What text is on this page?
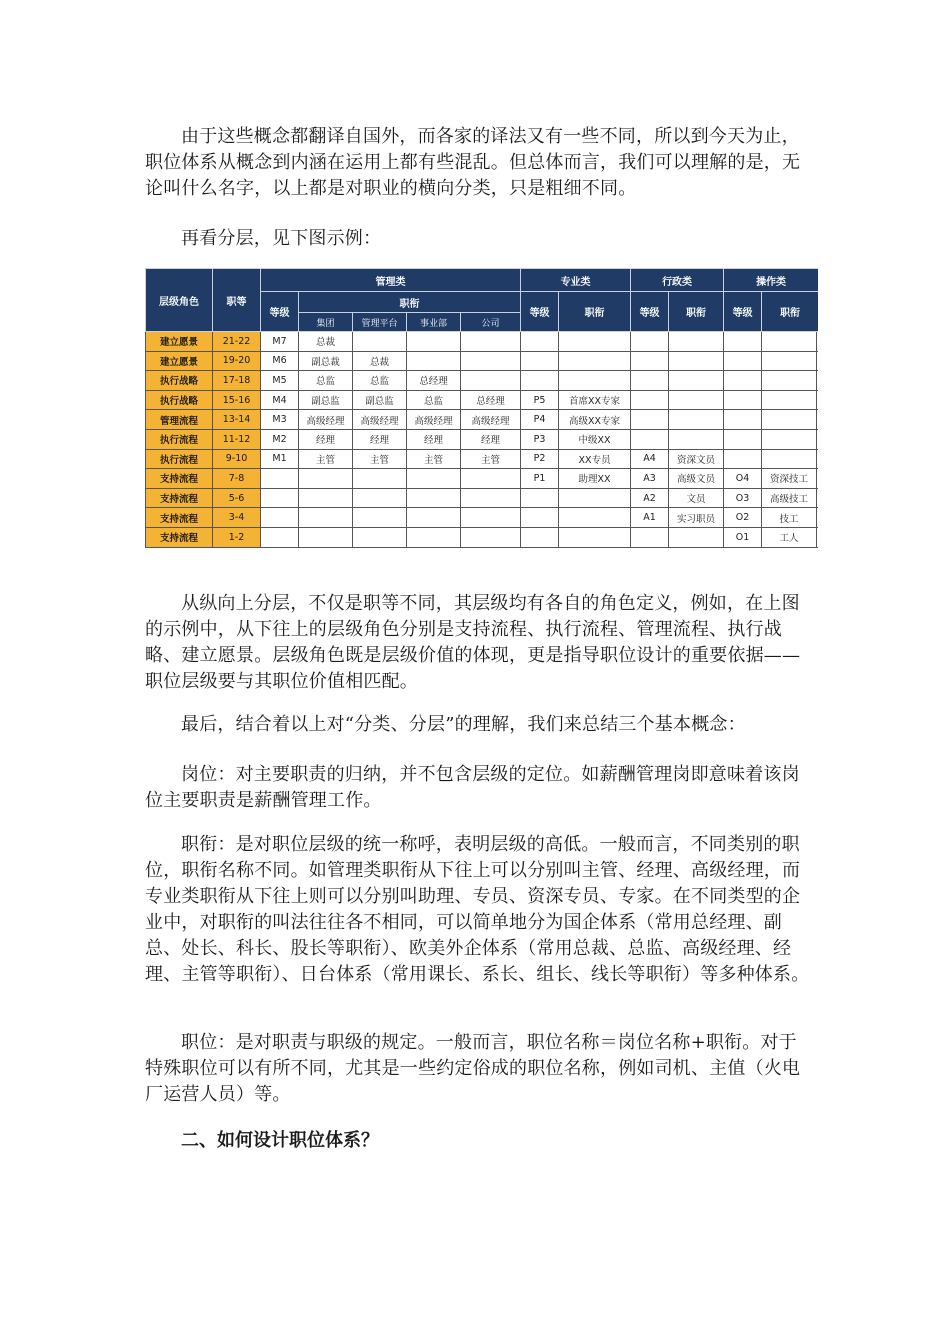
由于这些概念都翻译自国外，而各家的译法又有一些不同，所以到今天为止，职位体系从概念到内涵在运用上都有些混乱。但总体而言，我们可以理解的是，无论叫什么名字，以上都是对职业的横向分类，只是粗细不同。

再看分层，见下图示例：

层级角色	职等	管理类					专业类		行政类		操作类		
		等级	职衔				等级	职衔	等级	职衔	等级	职衔	
			集团	管理平台	事业部	公司							
建立愿景	21-22	M7	总裁										
建立愿景	19-20	M6	副总裁	总裁									
执行战略	17-18	M5	总监	总监	总经理								
执行战略	15-16	M4	副总监	副总监	总监	总经理	P5	首席XX专家					
管理流程	13-14	M3	高级经理	高级经理	高级经理	高级经理	P4	高级XX专家					
执行流程	11-12	M2	经理	经理	经理	经理	P3	中级XX					
执行流程	9-10	M1	主管	主管	主管	主管	P2	XX专员	A4	资深文员			
支持流程	7-8						P1	助理XX	A3	高级文员	O4	资深技工	
支持流程	5-6								A2	文员	O3	高级技工	
支持流程	3-4								A1	实习职员	O2	技工	
支持流程	1-2										O1	工人	

从纵向上分层，不仅是职等不同，其层级均有各自的角色定义，例如，在上图的示例中，从下往上的层级角色分别是支持流程、执行流程、管理流程、执行战略、建立愿景。层级角色既是层级价值的体现，更是指导职位设计的重要依据——职位层级要与其职位价值相匹配。

最后，结合着以上对“分类、分层”的理解，我们来总结三个基本概念：

岗位：对主要职责的归纳，并不包含层级的定位。如薪酬管理岗即意味着该岗位主要职责是薪酬管理工作。

职衔：是对职位层级的统一称呼，表明层级的高低。一般而言，不同类别的职位，职衔名称不同。如管理类职衔从下往上可以分别叫主管、经理、高级经理，而专业类职衔从下往上则可以分别叫助理、专员、资深专员、专家。在不同类型的企业中，对职衔的叫法往往各不相同，可以简单地分为国企体系（常用总经理、副总、处长、科长、股长等职衔）、欧美外企体系（常用总裁、总监、高级经理、经理、主管等职衔）、日台体系（常用课长、系长、组长、线长等职衔）等多种体系。

职位：是对职责与职级的规定。一般而言，职位名称＝岗位名称+职衔。对于特殊职位可以有所不同，尤其是一些约定俗成的职位名称，例如司机、主值（火电厂运营人员）等。

二、如何设计职位体系？
